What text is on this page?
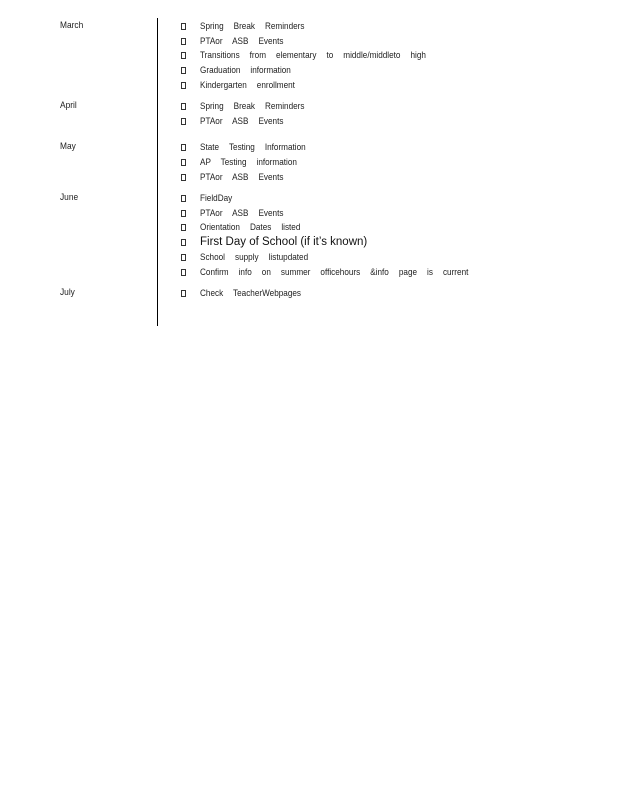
March	Spring Break Reminders
PTAor ASB Events
Transitions from elementary to middle/middleto high
Graduation information
Kindergarten enrollment
April	Spring Break Reminders
PTAor ASB Events
May	State Testing Information
AP Testing information
PTAor ASB Events
June	FieldDay
PTAor ASB Events
Orientation Dates listed
First Day of School (if it’s known)
School supply listupdated
Confirm info on summer officehours &info page is current
July	Check TeacherWebpages
